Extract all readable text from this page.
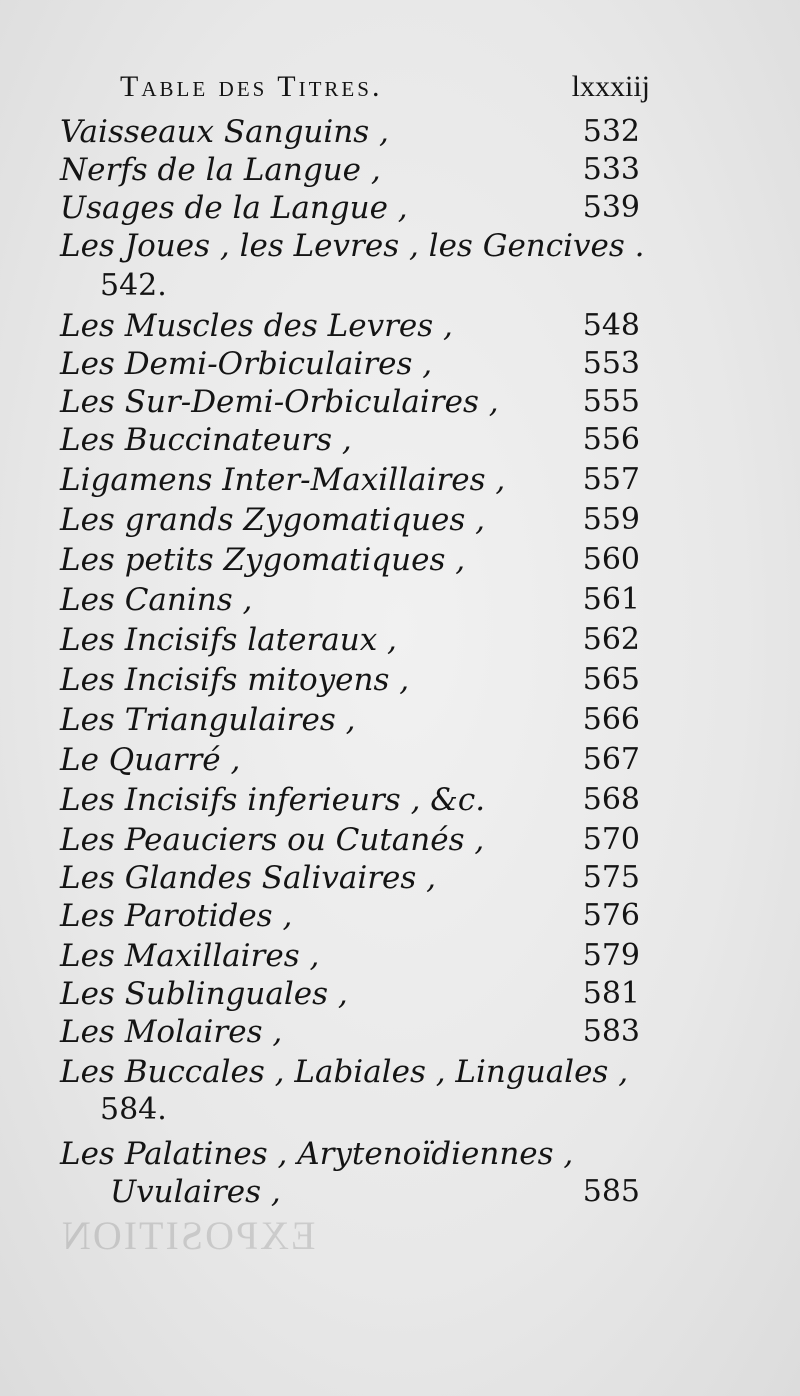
EXPOSITION
Table des Titres.	lxxxiij
Vaisseaux Sanguins ,	532
Nerfs de la Langue ,	533
Usages de la Langue ,	539
Les Joues , les Levres , les Gencives .
542.
Les Muscles des Levres ,	548
Les Demi-Orbiculaires ,	553
Les Sur-Demi-Orbiculaires ,	555
Les Buccinateurs ,	556
Ligamens Inter-Maxillaires ,	557
Les grands Zygomatiques ,	559
Les petits Zygomatiques ,	560
Les Canins ,	561
Les Incisifs lateraux ,	562
Les Incisifs mitoyens ,	565
Les Triangulaires ,	566
Le Quarré ,	567
Les Incisifs inferieurs , &c.	568
Les Peauciers ou Cutanés ,	570
Les Glandes Salivaires ,	575
Les Parotides ,	576
Les Maxillaires ,	579
Les Sublinguales ,	581
Les Molaires ,	583
Les Buccales , Labiales , Linguales ,
584.
Les Palatines , Arytenoïdiennes ,
Uvulaires ,	585
